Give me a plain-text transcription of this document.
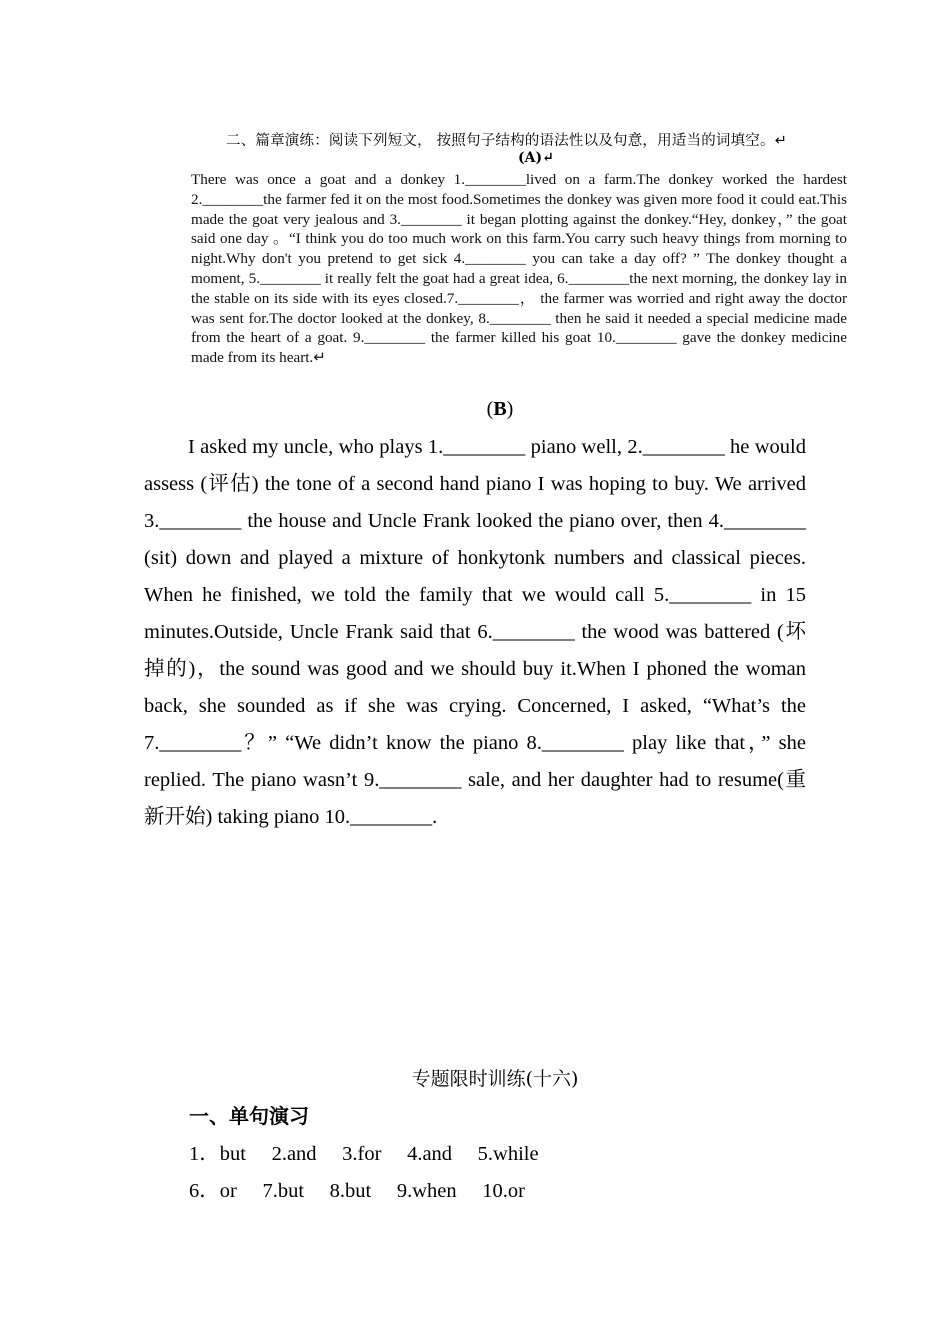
二、篇章演练：阅读下列短文， 按照句子结构的语法性以及句意，用适当的词填空。↵
(A)↵
There was once a goat and a donkey 1.________lived on a farm.The donkey worked the hardest 2.________the farmer fed it on the most food.Sometimes the donkey was given more food it could eat.This made the goat very jealous and 3.________ it began plotting against the donkey.“Hey, donkey，” the goat said one day 。“I think you do too much work on this farm.You carry such heavy things from morning to night.Why don't you pretend to get sick 4.________ you can take a day off? ” The donkey thought a moment, 5.________ it really felt the goat had a great idea, 6.________the next morning, the donkey lay in the stable on its side with its eyes closed.7.________， the farmer was worried and right away the doctor was sent for.The doctor looked at the donkey, 8.________ then he said it needed a special medicine made from the heart of a goat. 9.________ the farmer killed his goat 10.________ gave the donkey medicine made from its heart.↵
(B)
I asked my uncle, who plays 1.________ piano well, 2.________ he would assess (评估) the tone of a second hand piano I was hoping to buy. We arrived 3.________ the house and Uncle Frank looked the piano over, then 4.________ (sit) down and played a mixture of honkytonk numbers and classical pieces. When he finished, we told the family that we would call 5.________ in 15 minutes.Outside, Uncle Frank said that 6.________ the wood was battered (坏掉的)，the sound was good and we should buy it.When I phoned the woman back, she sounded as if she was crying. Concerned, I asked, “What’s the 7.________？” “We didn’t know the piano 8.________ play like that，” she replied. The piano wasn’t 9.________ sale, and her daughter had to resume(重新开始) taking piano 10.________.
专题限时训练(十六)
一、单句演习
1．but　 2.and　 3.for　 4.and　 5.while
6．or　 7.but　 8.but　 9.when　 10.or
